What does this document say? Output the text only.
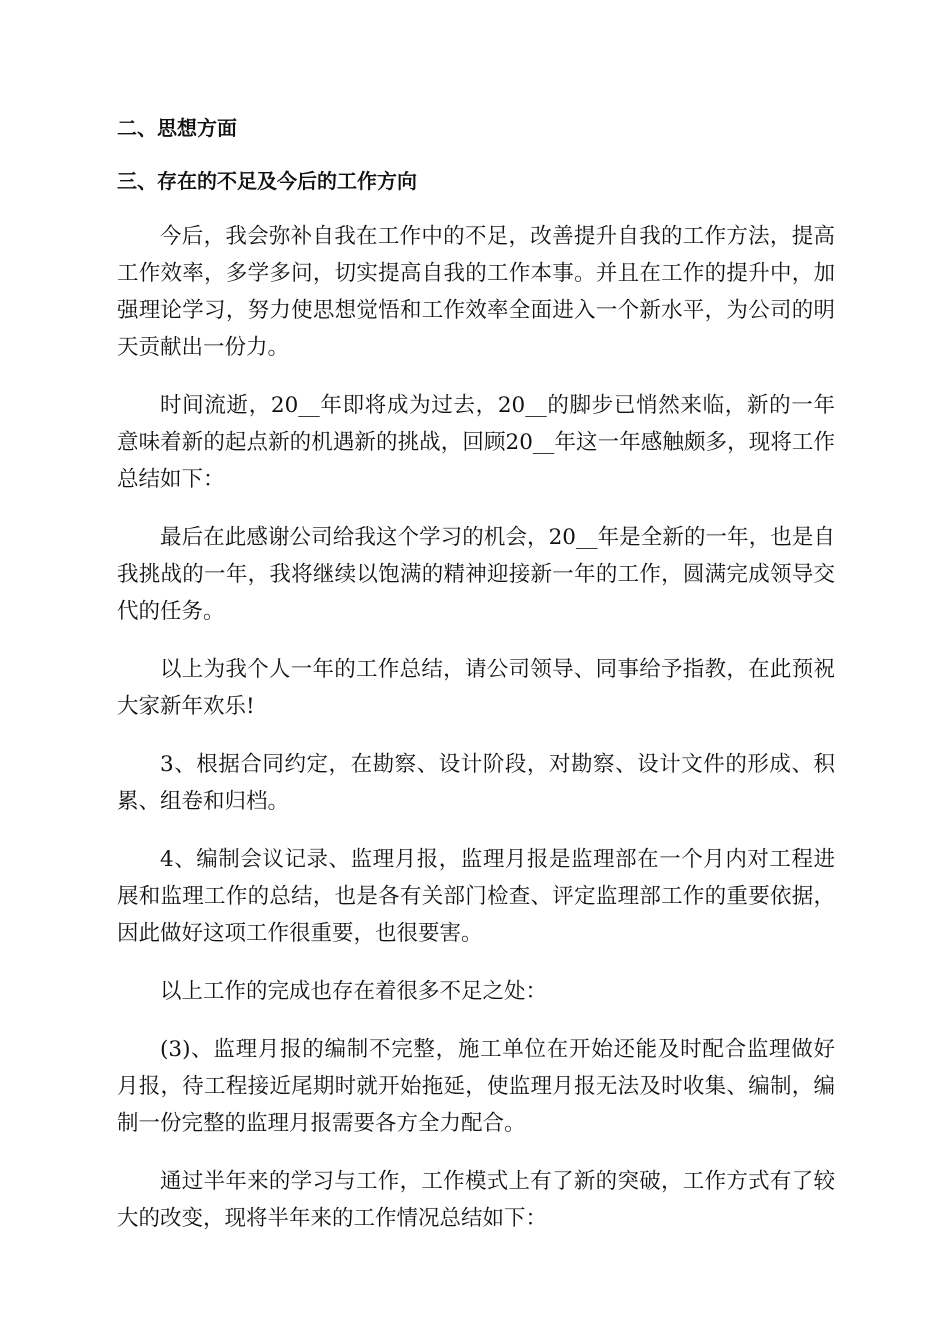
二、思想方面
三、存在的不足及今后的工作方向

今后，我会弥补自我在工作中的不足，改善提升自我的工作方法，提高工作效率，多学多问，切实提高自我的工作本事。并且在工作的提升中，加强理论学习，努力使思想觉悟和工作效率全面进入一个新水平，为公司的明天贡献出一份力。

时间流逝，20__年即将成为过去，20__的脚步已悄然来临，新的一年意味着新的起点新的机遇新的挑战，回顾20__年这一年感触颇多，现将工作总结如下：

最后在此感谢公司给我这个学习的机会，20__年是全新的一年，也是自我挑战的一年，我将继续以饱满的精神迎接新一年的工作，圆满完成领导交代的任务。

以上为我个人一年的工作总结，请公司领导、同事给予指教，在此预祝大家新年欢乐!

3、根据合同约定，在勘察、设计阶段，对勘察、设计文件的形成、积累、组卷和归档。

4、编制会议记录、监理月报，监理月报是监理部在一个月内对工程进展和监理工作的总结，也是各有关部门检查、评定监理部工作的重要依据，因此做好这项工作很重要，也很要害。

以上工作的完成也存在着很多不足之处：

(3)、监理月报的编制不完整，施工单位在开始还能及时配合监理做好月报，待工程接近尾期时就开始拖延，使监理月报无法及时收集、编制，编制一份完整的监理月报需要各方全力配合。

通过半年来的学习与工作，工作模式上有了新的突破，工作方式有了较大的改变，现将半年来的工作情况总结如下：
